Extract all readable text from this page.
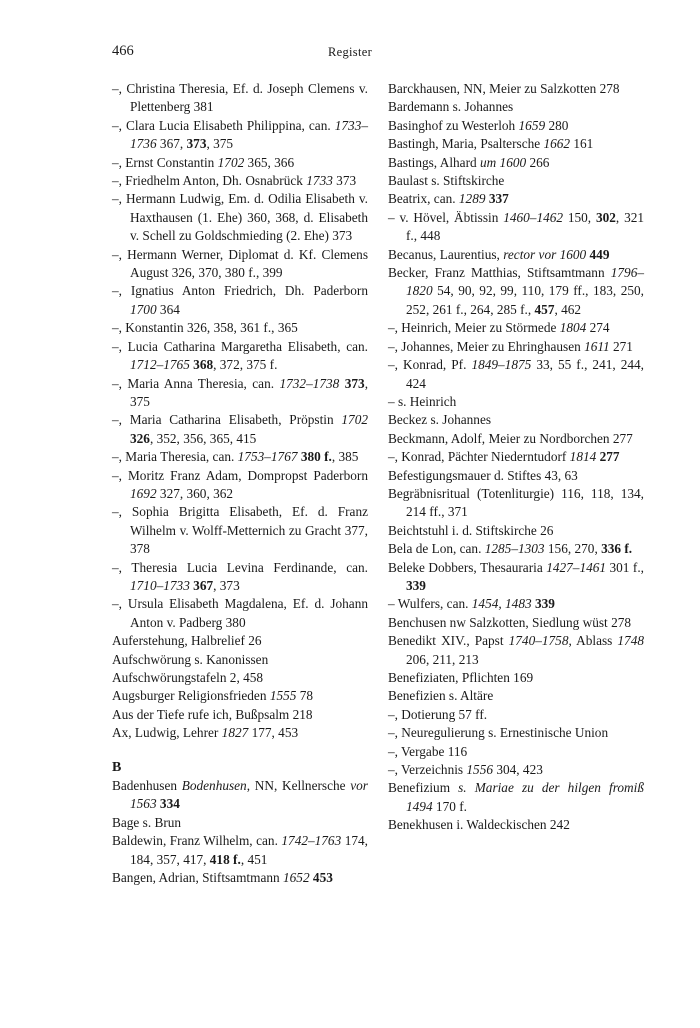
466	Register
–, Christina Theresia, Ef. d. Joseph Clemens v. Plettenberg 381
–, Clara Lucia Elisabeth Philippina, can. 1733–1736 367, 373, 375
–, Ernst Constantin 1702 365, 366
–, Friedhelm Anton, Dh. Osnabrück 1733 373
–, Hermann Ludwig, Em. d. Odilia Elisabeth v. Haxthausen (1. Ehe) 360, 368, d. Elisabeth v. Schell zu Goldschmieding (2. Ehe) 373
–, Hermann Werner, Diplomat d. Kf. Clemens August 326, 370, 380 f., 399
–, Ignatius Anton Friedrich, Dh. Paderborn 1700 364
–, Konstantin 326, 358, 361 f., 365
–, Lucia Catharina Margaretha Elisabeth, can. 1712–1765 368, 372, 375 f.
–, Maria Anna Theresia, can. 1732–1738 373, 375
–, Maria Catharina Elisabeth, Pröpstin 1702 326, 352, 356, 365, 415
–, Maria Theresia, can. 1753–1767 380 f., 385
–, Moritz Franz Adam, Dompropst Paderborn 1692 327, 360, 362
–, Sophia Brigitta Elisabeth, Ef. d. Franz Wilhelm v. Wolff-Metternich zu Gracht 377, 378
–, Theresia Lucia Levina Ferdinande, can. 1710–1733 367, 373
–, Ursula Elisabeth Magdalena, Ef. d. Johann Anton v. Padberg 380
Auferstehung, Halbrelief 26
Aufschwörung s. Kanonissen
Aufschwörungstafeln 2, 458
Augsburger Religionsfrieden 1555 78
Aus der Tiefe rufe ich, Bußpsalm 218
Ax, Ludwig, Lehrer 1827 177, 453
B
Badenhusen Bodenhusen, NN, Kellnersche vor 1563 334
Bage s. Brun
Baldewin, Franz Wilhelm, can. 1742–1763 174, 184, 357, 417, 418 f., 451
Bangen, Adrian, Stiftsamtmann 1652 453
Barckhausen, NN, Meier zu Salzkotten 278
Bardemann s. Johannes
Basinghof zu Westerloh 1659 280
Bastingh, Maria, Psaltersche 1662 161
Bastings, Alhard um 1600 266
Baulast s. Stiftskirche
Beatrix, can. 1289 337
– v. Hövel, Äbtissin 1460–1462 150, 302, 321 f., 448
Becanus, Laurentius, rector vor 1600 449
Becker, Franz Matthias, Stiftsamtmann 1796–1820 54, 90, 92, 99, 110, 179 ff., 183, 250, 252, 261 f., 264, 285 f., 457, 462
–, Heinrich, Meier zu Störmede 1804 274
–, Johannes, Meier zu Ehringhausen 1611 271
–, Konrad, Pf. 1849–1875 33, 55 f., 241, 244, 424
– s. Heinrich
Beckez s. Johannes
Beckmann, Adolf, Meier zu Nordborchen 277
–, Konrad, Pächter Niederntudorf 1814 277
Befestigungsmauer d. Stiftes 43, 63
Begräbnisritual (Totenliturgie) 116, 118, 134, 214 ff., 371
Beichtstuhl i. d. Stiftskirche 26
Bela de Lon, can. 1285–1303 156, 270, 336 f.
Beleke Dobbers, Thesauraria 1427–1461 301 f., 339
– Wulfers, can. 1454, 1483 339
Benchusen nw Salzkotten, Siedlung wüst 278
Benedikt XIV., Papst 1740–1758, Ablass 1748 206, 211, 213
Benefiziaten, Pflichten 169
Benefizien s. Altäre
–, Dotierung 57 ff.
–, Neuregulierung s. Ernestinische Union
–, Vergabe 116
–, Verzeichnis 1556 304, 423
Benefizium s. Mariae zu der hilgen fromiß 1494 170 f.
Benekhusen i. Waldeckischen 242
